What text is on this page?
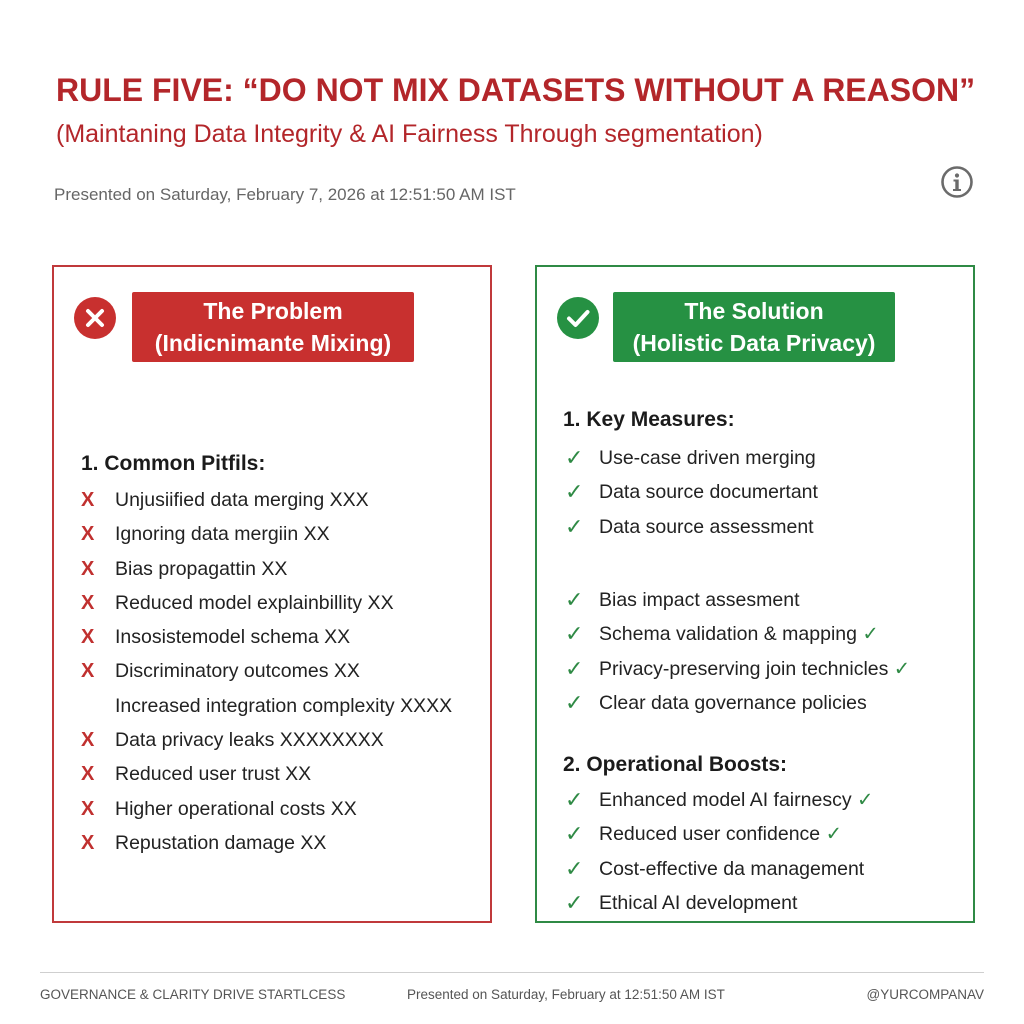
RULE FIVE: “DO NOT MIX DATASETS WITHOUT A REASON”
(Maintaning Data Integrity & AI Fairness Through segmentation)
Presented on Saturday, February 7, 2026 at 12:51:50 AM IST
The Problem
(Indicnimante Mixing)
1. Common Pitfils:
X	Unjusiified data merging XXX
X	Ignoring data mergiin XX
X	Bias propagattin XX
X	Reduced model explainbillity XX
X	Insosistemodel schema XX
X	Discriminatory outcomes XX
Increased integration complexity XXXX
X	Data privacy leaks XXXXXXXX
X	Reduced user trust XX
X	Higher operational costs XX
X	Repustation damage XX
The Solution
(Holistic Data Privacy)
1. Key Measures:
✓ Use-case driven merging
✓ Data source documertant
✓ Data source assessment
✓ Bias impact assesment
✓ Schema validation & mapping ✓
✓ Privacy-preserving join technicles ✓
✓ Clear data governance policies
2. Operational Boosts:
✓ Enhanced model AI fairnescy ✓
✓ Reduced user confidence ✓
✓ Cost-effective da management
✓ Ethical AI development
GOVERNANCE & CLARITY DRIVE STARTLCESS	Presented on Saturday, February at 12:51:50 AM IST	@YURCOMPANAV
